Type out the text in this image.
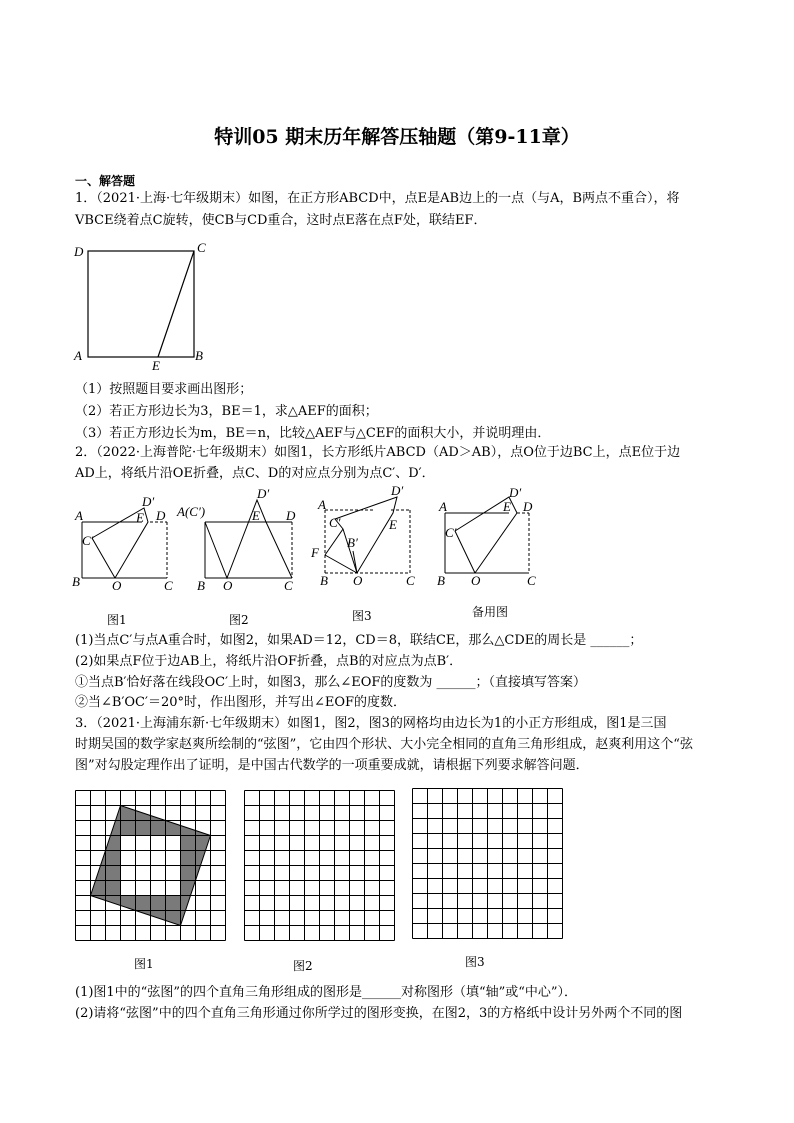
特训05 期末历年解答压轴题（第9-11章）
一、解答题
1．（2021·上海·七年级期末）如图，在正方形ABCD中，点E是AB边上的一点（与A，B两点不重合），将
VBCE绕着点C旋转，使CB与CD重合，这时点E落在点F处，联结EF．
D	C
A
E
B
（1）按照题目要求画出图形；
（2）若正方形边长为3，BE＝1，求△AEF的面积；
（3）若正方形边长为m，BE＝n，比较△AEF与△CEF的面积大小，并说明理由．
2．（2022·上海普陀·七年级期末）如图1，长方形纸片ABCD（AD＞AB），点O位于边BC上，点E位于边
AD上，将纸片沿OE折叠，点C、D的对应点分别为点C′、D′．
A
B O	C
E
D′
C′
D A(C′)
B O	C
E
D′
D
A
F
B O	C
E
D′
C′
B′
A
B O	C
E
D′
C′
D
图1	图2	图3	备用图
(1)当点C′与点A重合时，如图2，如果AD＝12，CD＝8，联结CE，那么△CDE的周长是 ______；
(2)如果点F位于边AB上，将纸片沿OF折叠，点B的对应点为点B′．
①当点B′恰好落在线段OC′上时，如图3，那么∠EOF的度数为 ______；（直接填写答案）
②当∠B′OC′＝20°时，作出图形，并写出∠EOF的度数．
3．（2021·上海浦东新·七年级期末）如图1，图2，图3的网格均由边长为1的小正方形组成，图1是三国
时期吴国的数学家赵爽所绘制的“弦图”，它由四个形状、大小完全相同的直角三角形组成，赵爽利用这个“弦
图”对勾股定理作出了证明，是中国古代数学的一项重要成就，请根据下列要求解答问题．
图1	图2	图3
(1)图1中的“弦图”的四个直角三角形组成的图形是______对称图形（填“轴”或“中心”）．
(2)请将“弦图”中的四个直角三角形通过你所学过的图形变换，在图2，3的方格纸中设计另外两个不同的图
